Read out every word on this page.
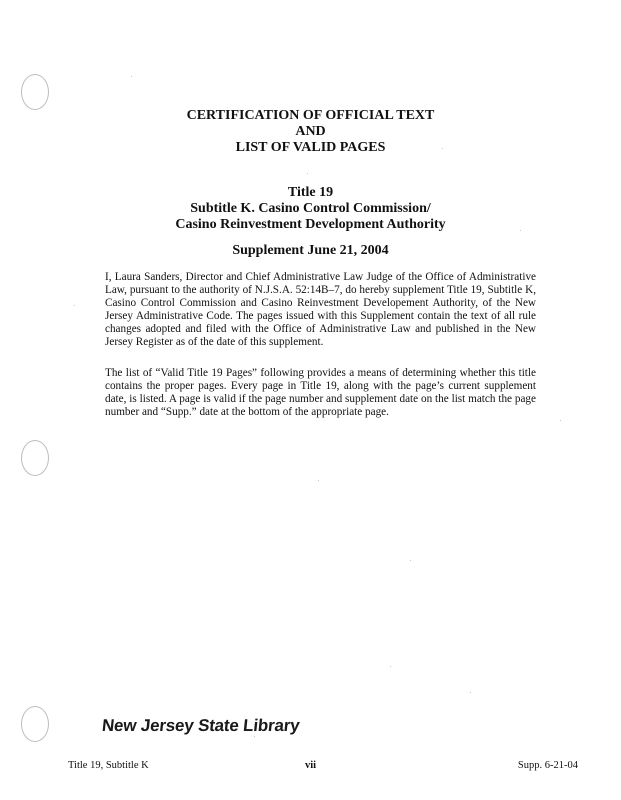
CERTIFICATION OF OFFICIAL TEXT
AND
LIST OF VALID PAGES
Title 19
Subtitle K. Casino Control Commission/
Casino Reinvestment Development Authority
Supplement June 21, 2004

I, Laura Sanders, Director and Chief Administrative Law Judge of the Office of Administrative Law, pursuant to the authority of N.J.S.A. 52:14B–7, do hereby supplement Title 19, Subtitle K, Casino Control Commission and Casino Reinvestment Developement Authority, of the New Jersey Administrative Code. The pages issued with this Supplement contain the text of all rule changes adopted and filed with the Office of Administrative Law and published in the New Jersey Register as of the date of this supplement.

The list of “Valid Title 19 Pages” following provides a means of determining whether this title contains the proper pages. Every page in Title 19, along with the page’s current supplement date, is listed. A page is valid if the page number and supplement date on the list match the page number and “Supp.” date at the bottom of the appropriate page.

New Jersey State Library
Title 19, Subtitle K	vii	Supp. 6-21-04
